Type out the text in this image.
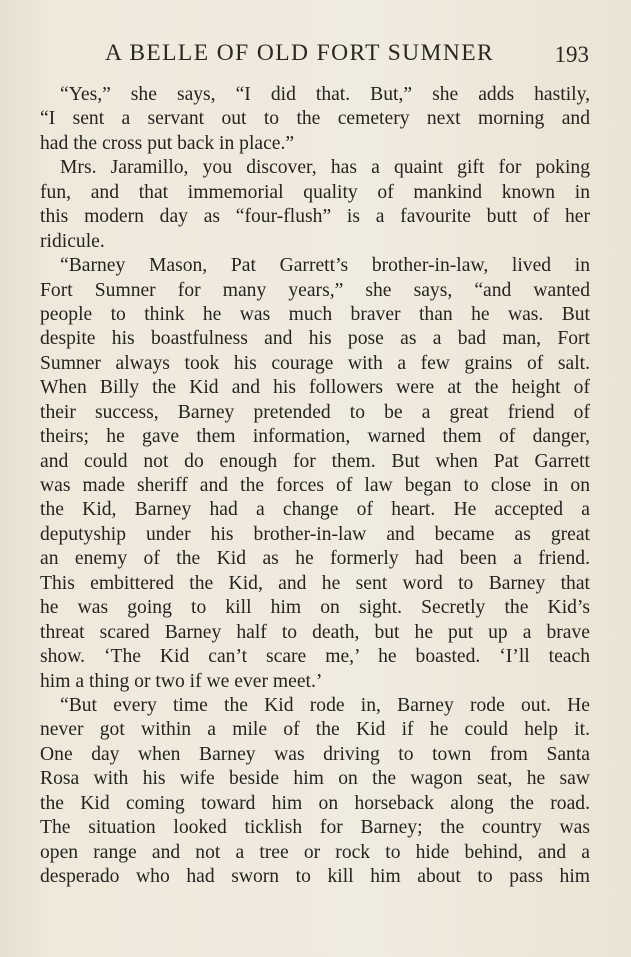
A BELLE OF OLD FORT SUMNER	193
“Yes,” she says, “I did that. But,” she adds hastily,
“I sent a servant out to the cemetery next morning and
had the cross put back in place.”
Mrs. Jaramillo, you discover, has a quaint gift for poking
fun, and that immemorial quality of mankind known in
this modern day as “four-flush” is a favourite butt of her
ridicule.
“Barney Mason, Pat Garrett’s brother-in-law, lived in
Fort Sumner for many years,” she says, “and wanted
people to think he was much braver than he was. But
despite his boastfulness and his pose as a bad man, Fort
Sumner always took his courage with a few grains of salt.
When Billy the Kid and his followers were at the height of
their success, Barney pretended to be a great friend of
theirs; he gave them information, warned them of danger,
and could not do enough for them. But when Pat Garrett
was made sheriff and the forces of law began to close in on
the Kid, Barney had a change of heart. He accepted a
deputyship under his brother-in-law and became as great
an enemy of the Kid as he formerly had been a friend.
This embittered the Kid, and he sent word to Barney that
he was going to kill him on sight. Secretly the Kid’s
threat scared Barney half to death, but he put up a brave
show. ‘The Kid can’t scare me,’ he boasted. ‘I’ll teach
him a thing or two if we ever meet.’
“But every time the Kid rode in, Barney rode out. He
never got within a mile of the Kid if he could help it.
One day when Barney was driving to town from Santa
Rosa with his wife beside him on the wagon seat, he saw
the Kid coming toward him on horseback along the road.
The situation looked ticklish for Barney; the country was
open range and not a tree or rock to hide behind, and a
desperado who had sworn to kill him about to pass him
